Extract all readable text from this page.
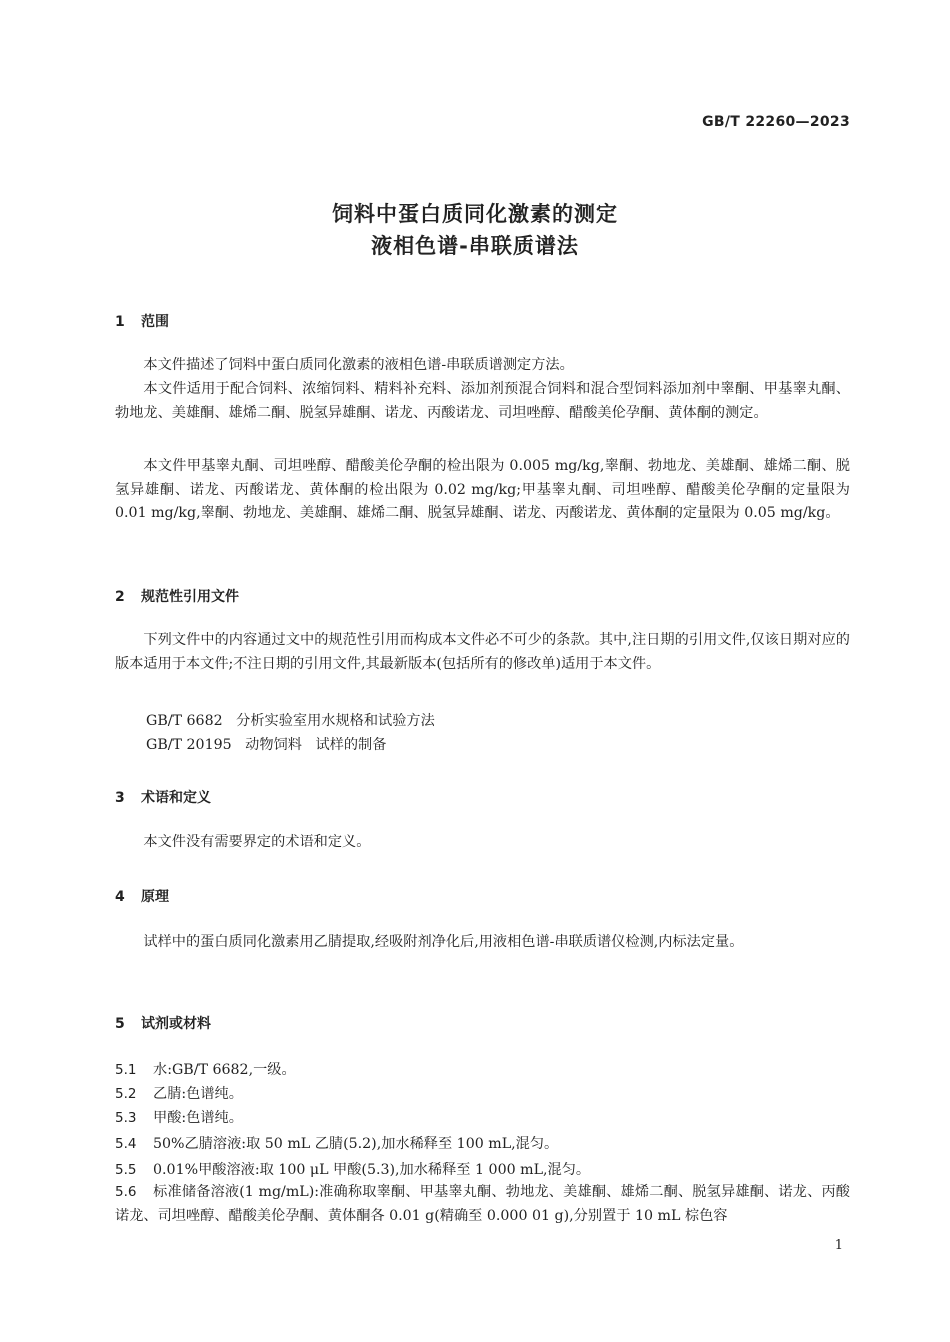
GB/T 22260—2023
饲料中蛋白质同化激素的测定
液相色谱-串联质谱法
1 范围

本文件描述了饲料中蛋白质同化激素的液相色谱-串联质谱测定方法。

本文件适用于配合饲料、浓缩饲料、精料补充料、添加剂预混合饲料和混合型饲料添加剂中睾酮、甲基睾丸酮、勃地龙、美雄酮、雄烯二酮、脱氢异雄酮、诺龙、丙酸诺龙、司坦唑醇、醋酸美伦孕酮、黄体酮的测定。

本文件甲基睾丸酮、司坦唑醇、醋酸美伦孕酮的检出限为 0.005 mg/kg,睾酮、勃地龙、美雄酮、雄烯二酮、脱氢异雄酮、诺龙、丙酸诺龙、黄体酮的检出限为 0.02 mg/kg;甲基睾丸酮、司坦唑醇、醋酸美伦孕酮的定量限为 0.01 mg/kg,睾酮、勃地龙、美雄酮、雄烯二酮、脱氢异雄酮、诺龙、丙酸诺龙、黄体酮的定量限为 0.05 mg/kg。

2 规范性引用文件

下列文件中的内容通过文中的规范性引用而构成本文件必不可少的条款。其中,注日期的引用文件,仅该日期对应的版本适用于本文件;不注日期的引用文件,其最新版本(包括所有的修改单)适用于本文件。

GB/T 6682   分析实验室用水规格和试验方法
GB/T 20195   动物饲料   试样的制备
3 术语和定义

本文件没有需要界定的术语和定义。

4 原理

试样中的蛋白质同化激素用乙腈提取,经吸附剂净化后,用液相色谱-串联质谱仪检测,内标法定量。

5 试剂或材料
5.1 水:GB/T 6682,一级。
5.2 乙腈:色谱纯。
5.3 甲酸:色谱纯。
5.4 50%乙腈溶液:取 50 mL 乙腈(5.2),加水稀释至 100 mL,混匀。
5.5 0.01%甲酸溶液:取 100 μL 甲酸(5.3),加水稀释至 1 000 mL,混匀。

5.6 标准储备溶液(1 mg/mL):准确称取睾酮、甲基睾丸酮、勃地龙、美雄酮、雄烯二酮、脱氢异雄酮、诺龙、丙酸诺龙、司坦唑醇、醋酸美伦孕酮、黄体酮各 0.01 g(精确至 0.000 01 g),分别置于 10 mL 棕色容

1
